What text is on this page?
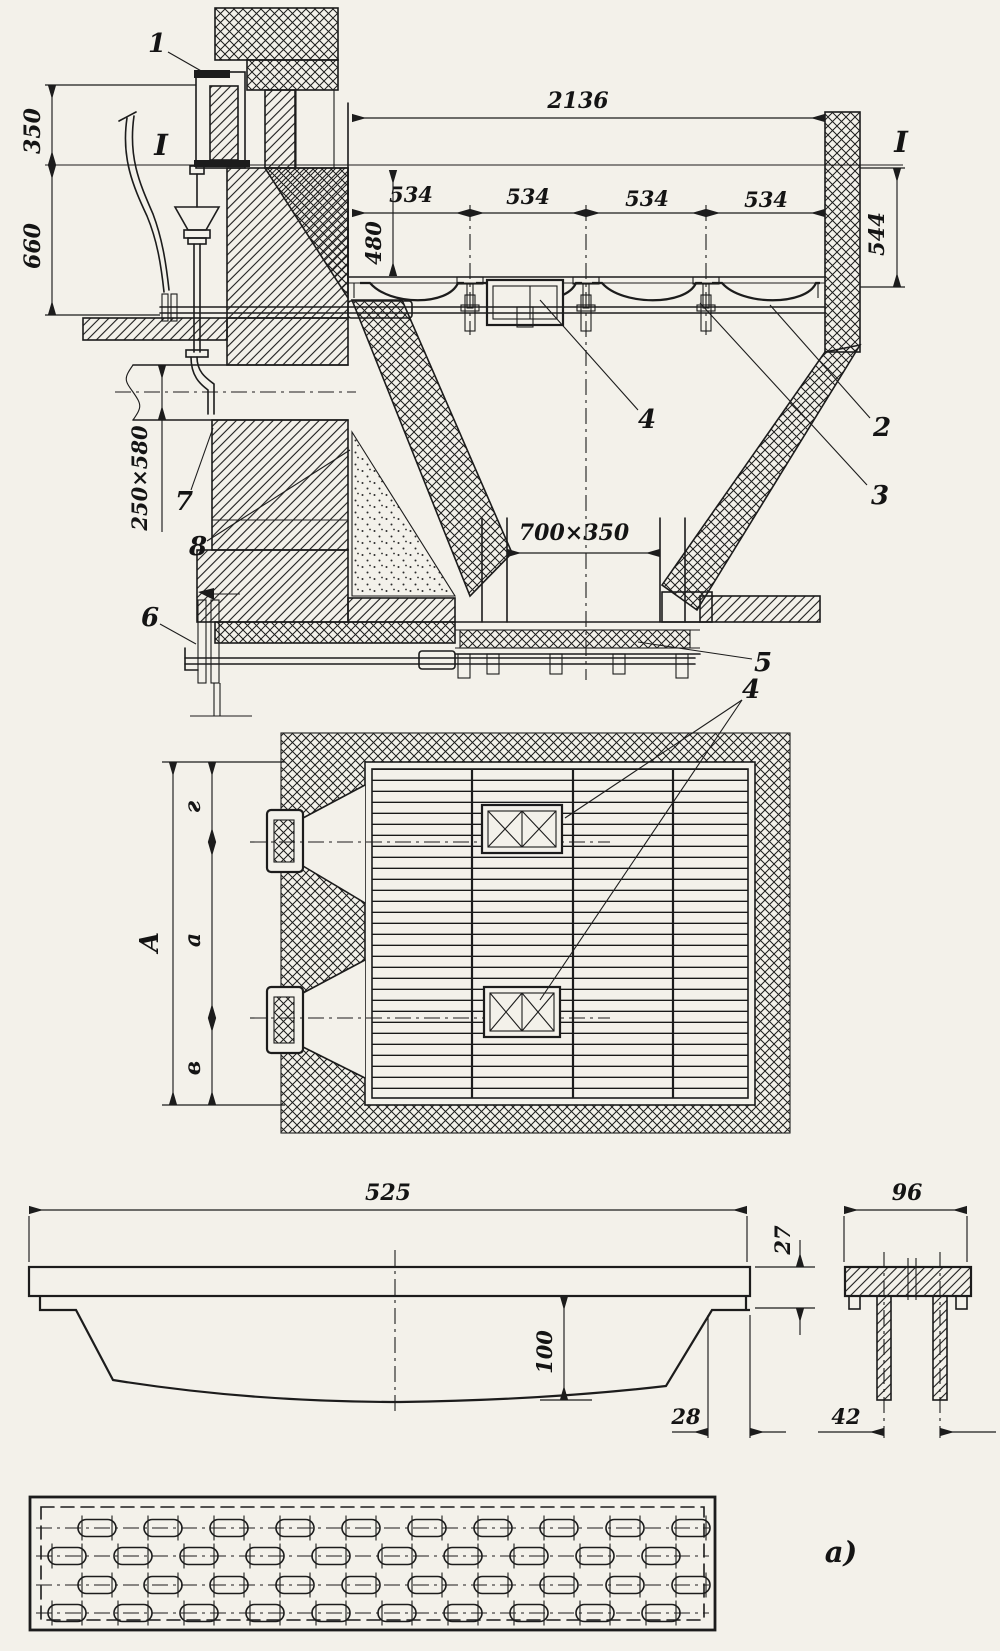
350
660
2136
534	534	534	534
480	544
250×580
700×350
I	I
1
2
3
4
5
6
7
8
А
г
а
в
4
525
100
27
28
96
42
а)
